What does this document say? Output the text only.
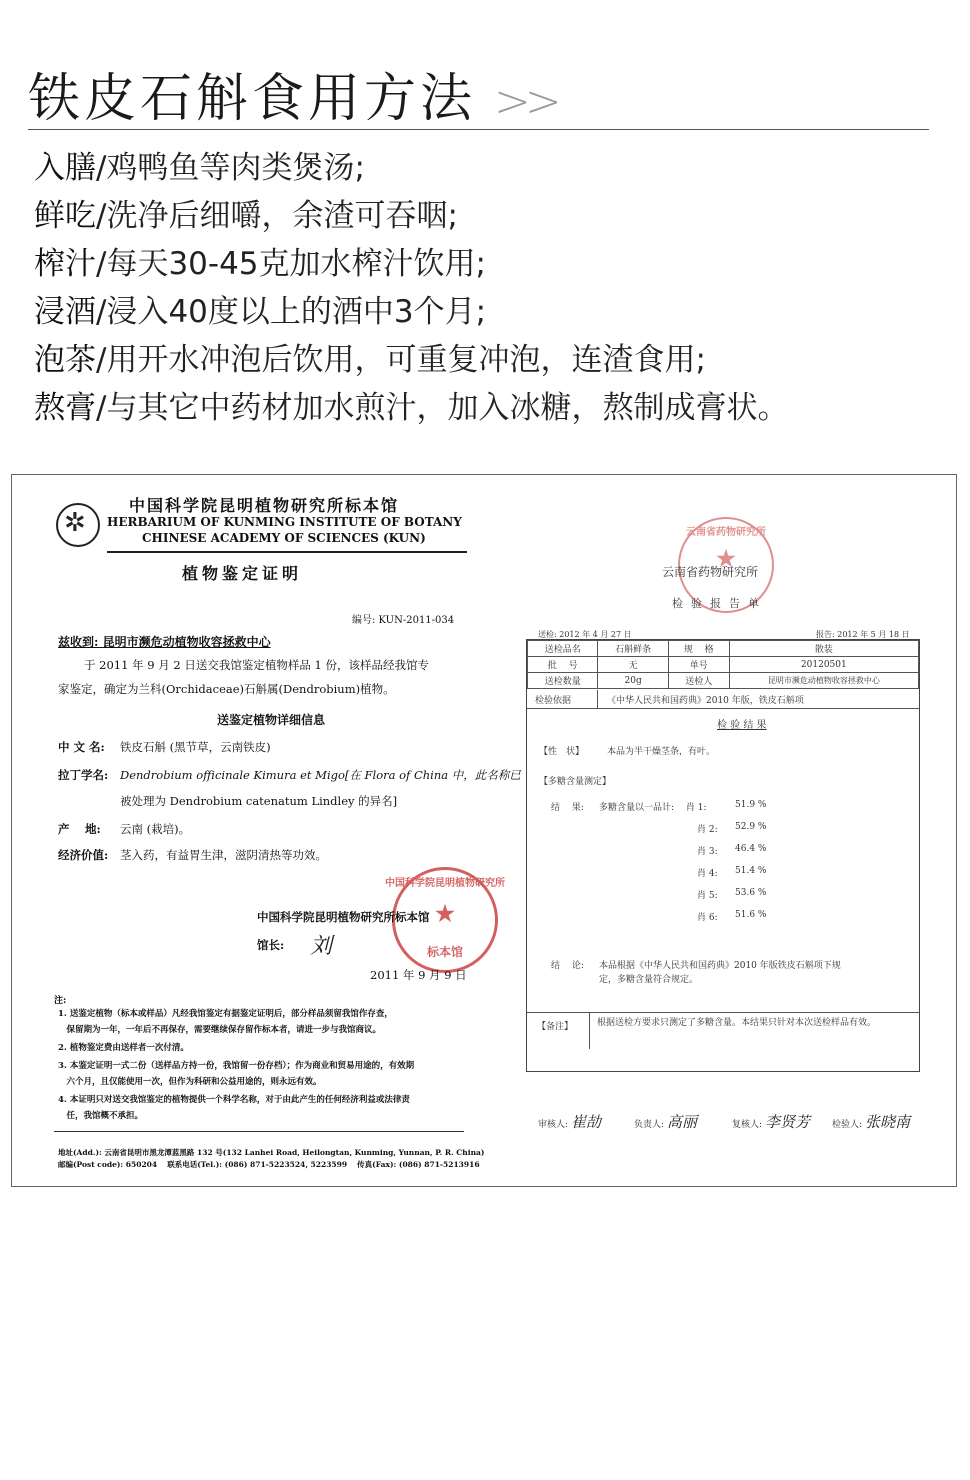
铁皮石斛食用方法 >>
入膳/鸡鸭鱼等肉类煲汤;
鲜吃/洗净后细嚼，余渣可吞咽;
榨汁/每天30-45克加水榨汁饮用;
浸酒/浸入40度以上的酒中3个月;
泡茶/用开水冲泡后饮用，可重复冲泡，连渣食用;
熬膏/与其它中药材加水煎汁，加入冰糖，熬制成膏状。
✲
中国科学院昆明植物研究所标本馆
HERBARIUM OF KUNMING INSTITUTE OF BOTANY
CHINESE ACADEMY OF SCIENCES (KUN)
植物鉴定证明
编号: KUN-2011-034
兹收到: 昆明市濒危动植物收容拯救中心
于 2011 年 9 月 2 日送交我馆鉴定植物样品 1 份，该样品经我馆专
家鉴定，确定为兰科(Orchidaceae)石斛属(Dendrobium)植物。
送鉴定植物详细信息
中 文 名: 铁皮石斛 (黑节草，云南铁皮)
拉丁学名: Dendrobium officinale Kimura et Migo[在 Flora of China 中，此名称已
被处理为 Dendrobium catenatum Lindley 的异名]
产　 地: 云南 (栽培)。
经济价值: 茎入药，有益胃生津，滋阴清热等功效。
中国科学院昆明植物研究所
★
标本馆
中国科学院昆明植物研究所标本馆
馆长: 刘
2011 年 9 月 9 日
注:
1. 送鉴定植物（标本或样品）凡经我馆鉴定有据鉴定证明后，部分样品须留我馆作存查，
　保留期为一年，一年后不再保存，需要继续保存留作标本者，请进一步与我馆商议。
2. 植物鉴定费由送样者一次付清。
3. 本鉴定证明一式二份（送样品方持一份，我馆留一份存档）；作为商业和贸易用途的，有效期
　六个月，且仅能使用一次，但作为科研和公益用途的，则永远有效。
4. 本证明只对送交我馆鉴定的植物提供一个科学名称，对于由此产生的任何经济利益或法律责
　任，我馆概不承担。
地址(Add.): 云南省昆明市黑龙潭蓝黑路 132 号(132 Lanhei Road, Heilongtan, Kunming, Yunnan, P. R. China)
邮编(Post code): 650204　 联系电话(Tel.): (086) 871-5223524, 5223599　 传真(Fax): (086) 871-5213916
云南省药物研究所
★
云南省药物研究所
检验报告单
送检: 2012 年 4 月 27 日	报告: 2012 年 5 月 18 日
送检品名	石斛鲜条	规　 格	散装
批　 号	无	单号	20120501
送检数量	20g	送检人	昆明市濒危动植物收容拯救中心
检验依据	《中华人民共和国药典》2010 年版，铁皮石斛项
检 验 结 果
【性　状】	本品为半干燥茎条，有叶。
【多糖含量测定】
结　 果: 多糖含量以一品计: 　肖 1:	51.9 %
肖 2: 52.9 %
肖 3: 46.4 %
肖 4: 51.4 %
肖 5: 53.6 %
肖 6: 51.6 %
结　 论: 本品根据《中华人民共和国药典》2010 年版铁皮石斛项下规
定，多糖含量符合规定。
【备注】	根据送检方要求只测定了多糖含量。本结果只针对本次送检样品有效。
审核人: 崔劼	负责人: 高丽	复核人: 李贤芳 检验人: 张晓南
